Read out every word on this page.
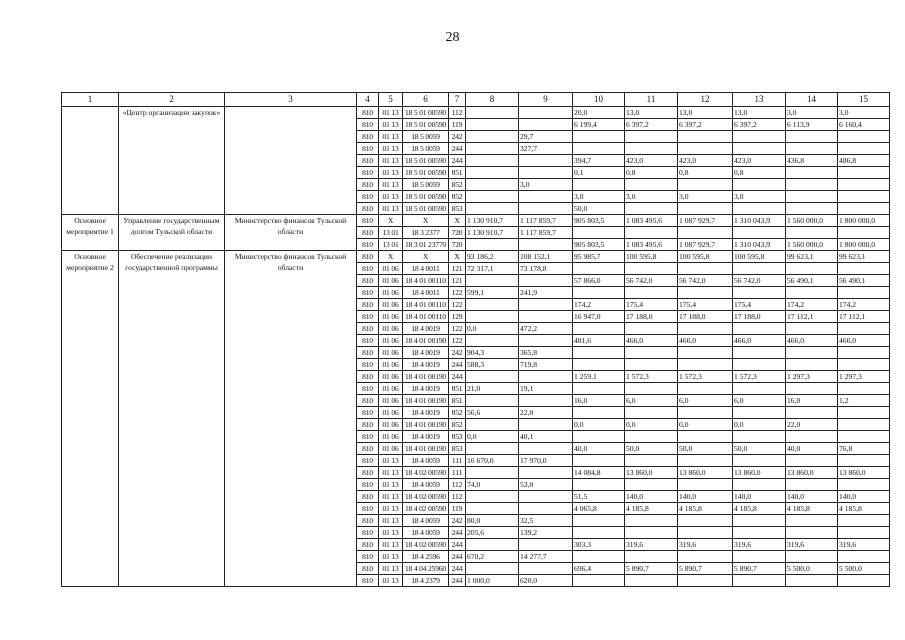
28
1	2	3	4	5	6	7	8	9	10	11	12	13	14	15
	«Центр организации закупок»		810	01 13	18 5 01 00590	112			20,0	13,0	13,0	13,0	3,0	3,0
			810	01 13	18 5 01 00590	119			6 199,4	6 397,2	6 397,2	6 397,2	6 113,9	6 160,4
			810	01 13	18 5 0059	242		29,7						
			810	01 13	18 5 0059	244		327,7						
			810	01 13	18 5 01 00590	244			394,7	423,0	423,0	423,0	436,8	486,8
			810	01 13	18 5 01 00590	851			0,1	0,8	0,8	0,8		
			810	01 13	18 5 0059	852		3,0						
			810	01 13	18 5 01 00590	852			3,0	3,0	3,0	3,0		
			810	01 13	18 5 01 00590	853			50,0					
Основное мероприятие 1	Управление государственным долгом Тульской области	Министерство финансов Тульской области	810	X	X	X	1 130 910,7	1 117 859,7	905 803,5	1 083 495,6	1 087 929,7	1 310 043,9	1 560 000,0	1 800 000,0
			810	13 01	18 3 2377	720	1 130 910,7	1 117 859,7						
			810	13 01	18 3 01 23770	720			905 803,5	1 083 495,6	1 087 929,7	1 310 043,9	1 560 000,0	1 800 000,0
Основное мероприятие 2	Обеспечение реализации государственной программы	Министерство финансов Тульской области	810	X	X	X	93 186,2	108 152,1	95 985,7	100 595,8	100 595,8	100 595,8	99 623,1	99 623,1
			810	01 06	18 4 0011	121	72 317,1	73 178,8						
			810	01 06	18 4 01 00110	121			57 866,0	56 742,0	56 742,0	56 742,0	56 490,1	56 490,1
			810	01 06	18 4 0011	122	599,1	241,9						
			810	01 06	18 4 01 00110	122			174,2	175,4	175,4	175,4	174,2	174,2
			810	01 06	18 4 01 00110	129			16 947,0	17 188,0	17 188,0	17 188,0	17 112,1	17 112,1
			810	01 06	18 4 0019	122	0,0	472,2						
			810	01 06	18 4 01 00190	122			481,6	466,0	466,0	466,0	466,0	466,0
			810	01 06	18 4 0019	242	904,3	365,8						
			810	01 06	18 4 0019	244	588,3	719,8						
			810	01 06	18 4 01 00190	244			1 259,1	1 572,3	1 572,3	1 572,3	1 297,3	1 297,3
			810	01 06	18 4 0019	851	21,0	19,1						
			810	01 06	18 4 01 00190	851			16,0	6,0	6,0	6,0	16,0	1,2
			810	01 06	18 4 0019	852	56,6	22,0						
			810	01 06	18 4 01 00190	852			0,0	0,0	0,0	0,0	22,0	
			810	01 06	18 4 0019	853	0,0	40,1						
			810	01 06	18 4 01 00190	853			40,0	50,0	50,0	50,0	40,0	76,8
			810	01 13	18 4 0059	111	16 670,0	17 970,0						
			810	01 13	18 4 02 00590	111			14 084,8	13 860,0	13 860,0	13 860,0	13 860,0	13 860,0
			810	01 13	18 4 0059	112	74,0	53,0						
			810	01 13	18 4 02 00590	112			51,5	140,0	140,0	140,0	140,0	140,0
			810	01 13	18 4 02 00590	119			4 065,8	4 185,8	4 185,8	4 185,8	4 185,8	4 185,8
			810	01 13	18 4 0059	242	80,0	32,5						
			810	01 13	18 4 0059	244	205,6	139,2						
			810	01 13	18 4 02 00590	244			303,3	319,6	319,6	319,6	319,6	319,6
			810	01 13	18 4 2596	244	670,2	14 277,7						
			810	01 13	18 4 04 25960	244			696,4	5 890,7	5 890,7	5 890,7	5 500,0	5 500,0
			810	01 13	18 4 2379	244	1 000,0	620,0						
